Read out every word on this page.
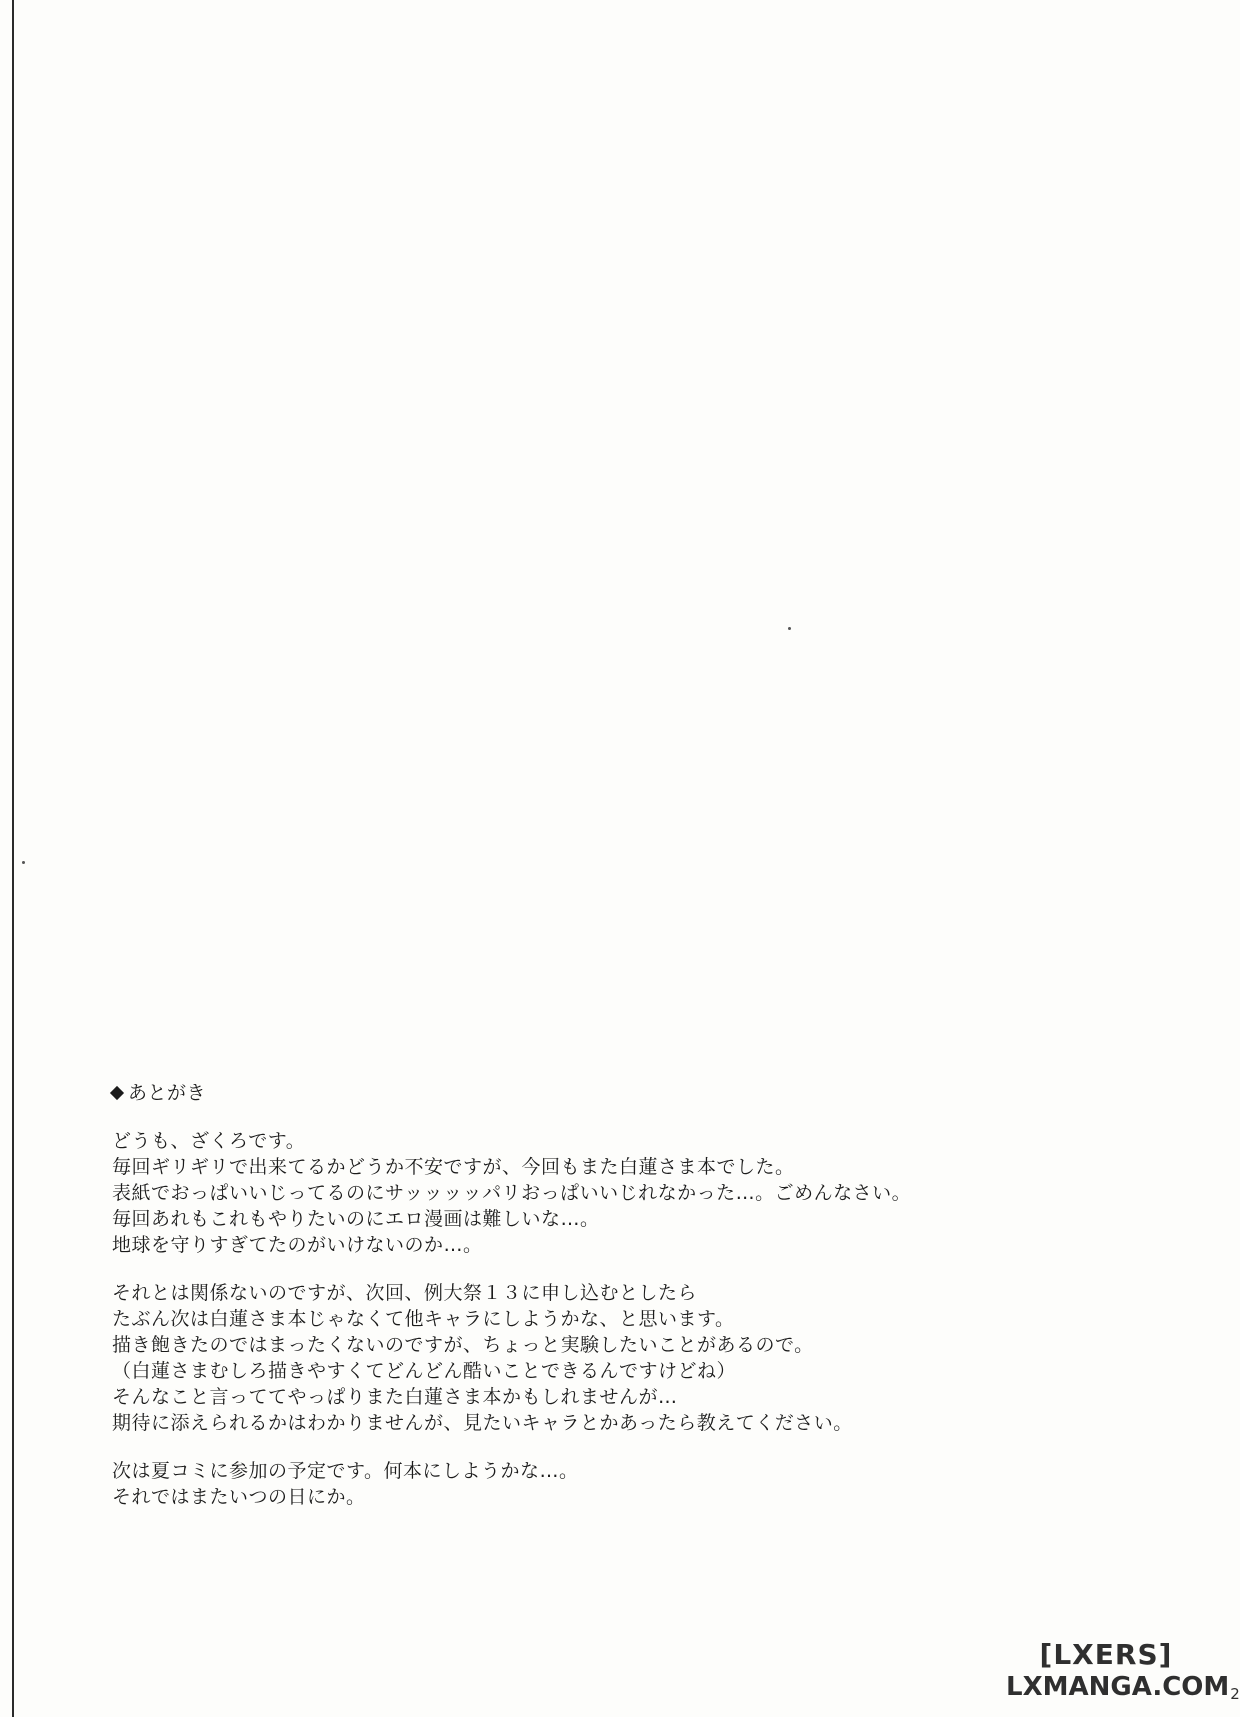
あとがき
どうも、ざくろです。
毎回ギリギリで出来てるかどうか不安ですが、今回もまた白蓮さま本でした。
表紙でおっぱいいじってるのにサッッッッパリおっぱいいじれなかった…。ごめんなさい。
毎回あれもこれもやりたいのにエロ漫画は難しいな…。
地球を守りすぎてたのがいけないのか…。
それとは関係ないのですが、次回、例大祭１３に申し込むとしたら
たぶん次は白蓮さま本じゃなくて他キャラにしようかな、と思います。
描き飽きたのではまったくないのですが、ちょっと実験したいことがあるので。
（白蓮さまむしろ描きやすくてどんどん酷いことできるんですけどね）
そんなこと言っててやっぱりまた白蓮さま本かもしれませんが…
期待に添えられるかはわかりませんが、見たいキャラとかあったら教えてください。
次は夏コミに参加の予定です。何本にしようかな…。
それではまたいつの日にか。
[LXERS]
LXMANGA.COM2
